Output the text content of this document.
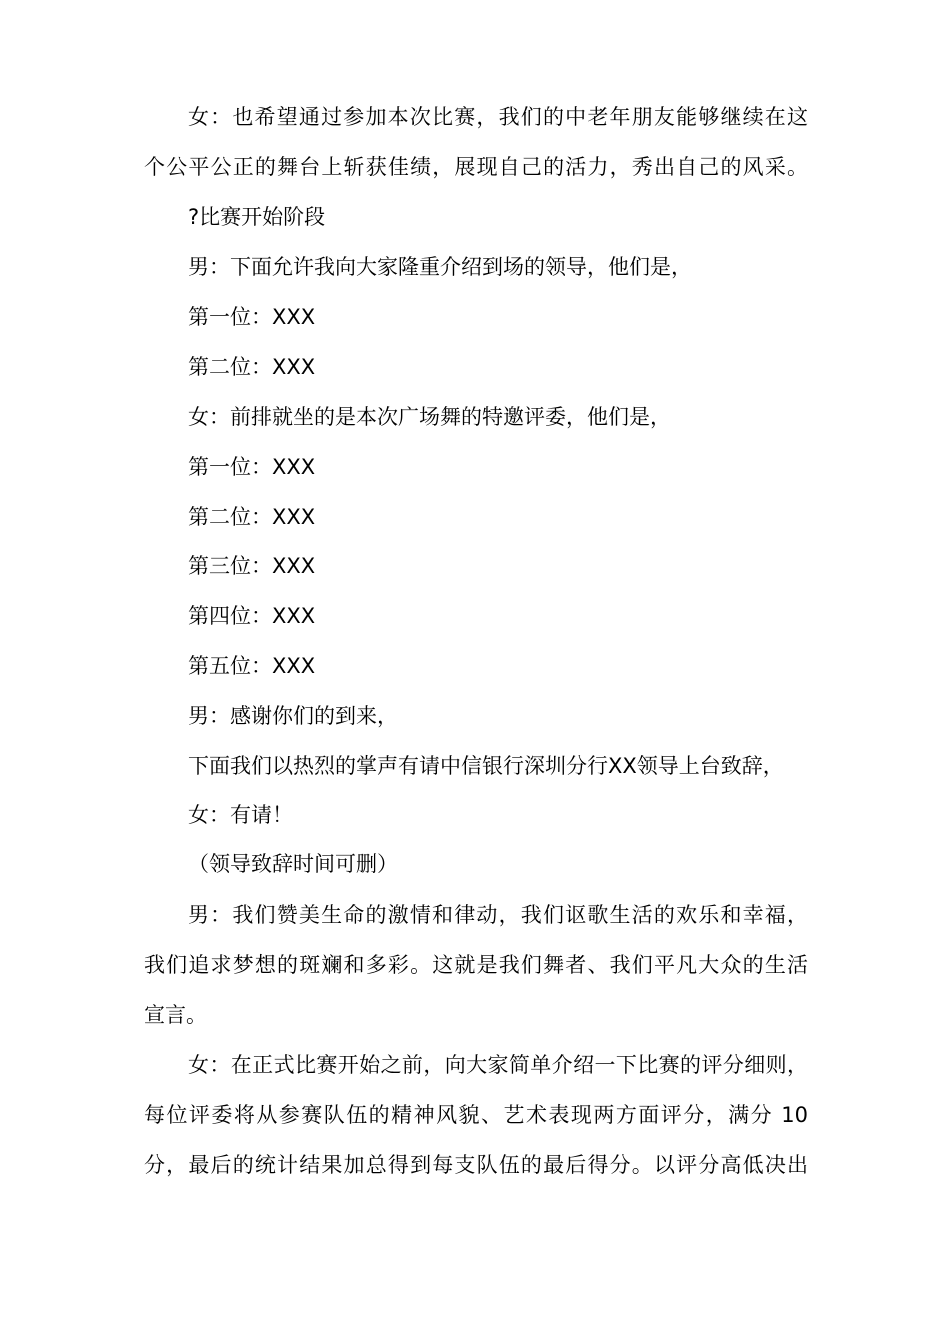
女：也希望通过参加本次比赛，我们的中老年朋友能够继续在这
个公平公正的舞台上斩获佳绩，展现自己的活力，秀出自己的风采。
?比赛开始阶段
男：下面允许我向大家隆重介绍到场的领导，他们是，
第一位：XXX
第二位：XXX
女：前排就坐的是本次广场舞的特邀评委，他们是，
第一位：XXX
第二位：XXX
第三位：XXX
第四位：XXX
第五位：XXX
男：感谢你们的到来，
下面我们以热烈的掌声有请中信银行深圳分行XX领导上台致辞，
女：有请！
（领导致辞时间可删）
男：我们赞美生命的激情和律动，我们讴歌生活的欢乐和幸福，
我们追求梦想的斑斓和多彩。这就是我们舞者、我们平凡大众的生活
宣言。
女：在正式比赛开始之前，向大家简单介绍一下比赛的评分细则，
每位评委将从参赛队伍的精神风貌、艺术表现两方面评分，满分 10
分，最后的统计结果加总得到每支队伍的最后得分。以评分高低决出
